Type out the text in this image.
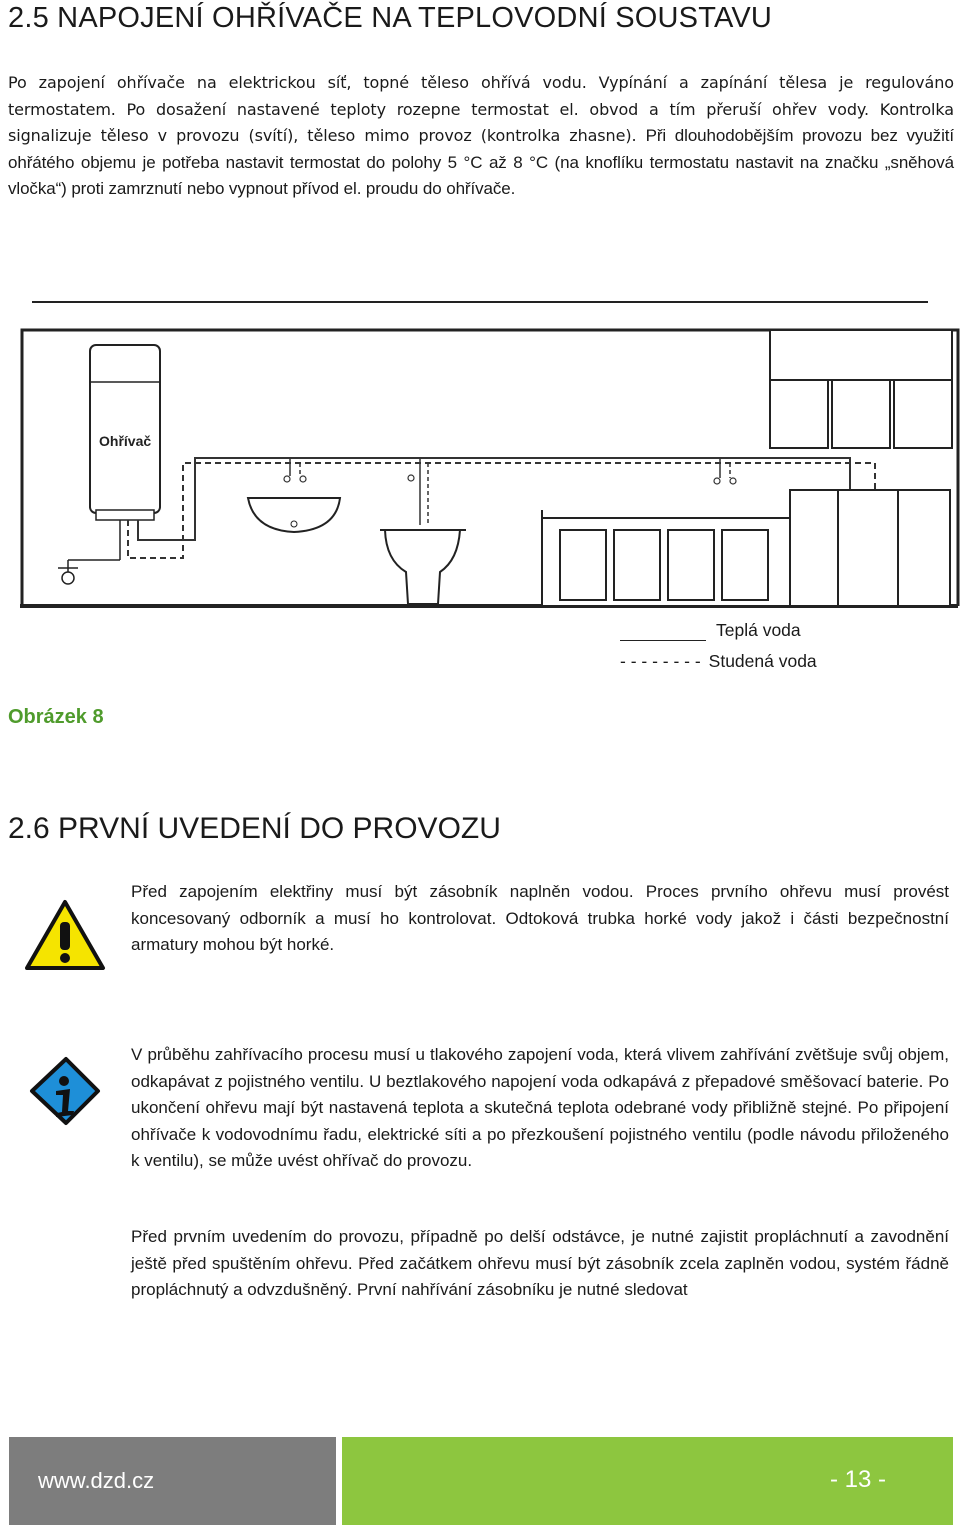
2.5 NAPOJENÍ OHŘÍVAČE NA TEPLOVODNÍ SOUSTAVU

Po zapojení ohřívače na elektrickou síť, topné těleso ohřívá vodu. Vypínání a zapínání tělesa je regulováno termostatem. Po dosažení nastavené teploty rozepne termostat el. obvod a tím přeruší ohřev vody. Kontrolka signalizuje těleso v provozu (svítí), těleso mimo provoz (kontrolka zhasne). Při dlouhodobějším provozu bez využití ohřátého objemu je potřeba nastavit termostat do polohy 5 °C až 8 °C (na knoflíku termostatu nastavit na značku „sněhová vločka“) proti zamrznutí nebo vypnout přívod el. proudu do ohřívače.

Ohřívač
Teplá voda
- - - - - - - - Studená voda
Obrázek 8
2.6 PRVNÍ UVEDENÍ DO PROVOZU

Před zapojením elektřiny musí být zásobník naplněn vodou. Proces prvního ohřevu musí provést koncesovaný odborník a musí ho kontrolovat. Odtoková trubka horké vody jakož i části bezpečnostní armatury mohou být horké.

V průběhu zahřívacího procesu musí u tlakového zapojení voda, která vlivem zahřívání zvětšuje svůj objem, odkapávat z pojistného ventilu. U beztlakového napojení voda odkapává z přepadové směšovací baterie. Po ukončení ohřevu mají být nastavená teplota a skutečná teplota odebrané vody přibližně stejné. Po připojení ohřívače k vodovodnímu řadu, elektrické síti a po přezkoušení pojistného ventilu (podle návodu přiloženého k ventilu), se může uvést ohřívač do provozu.

Před prvním uvedením do provozu, případně po delší odstávce, je nutné zajistit propláchnutí a zavodnění ještě před spuštěním ohřevu. Před začátkem ohřevu musí být zásobník zcela zaplněn vodou, systém řádně propláchnutý a odvzdušněný. První nahřívání zásobníku je nutné sledovat

www.dzd.cz	- 13 -
